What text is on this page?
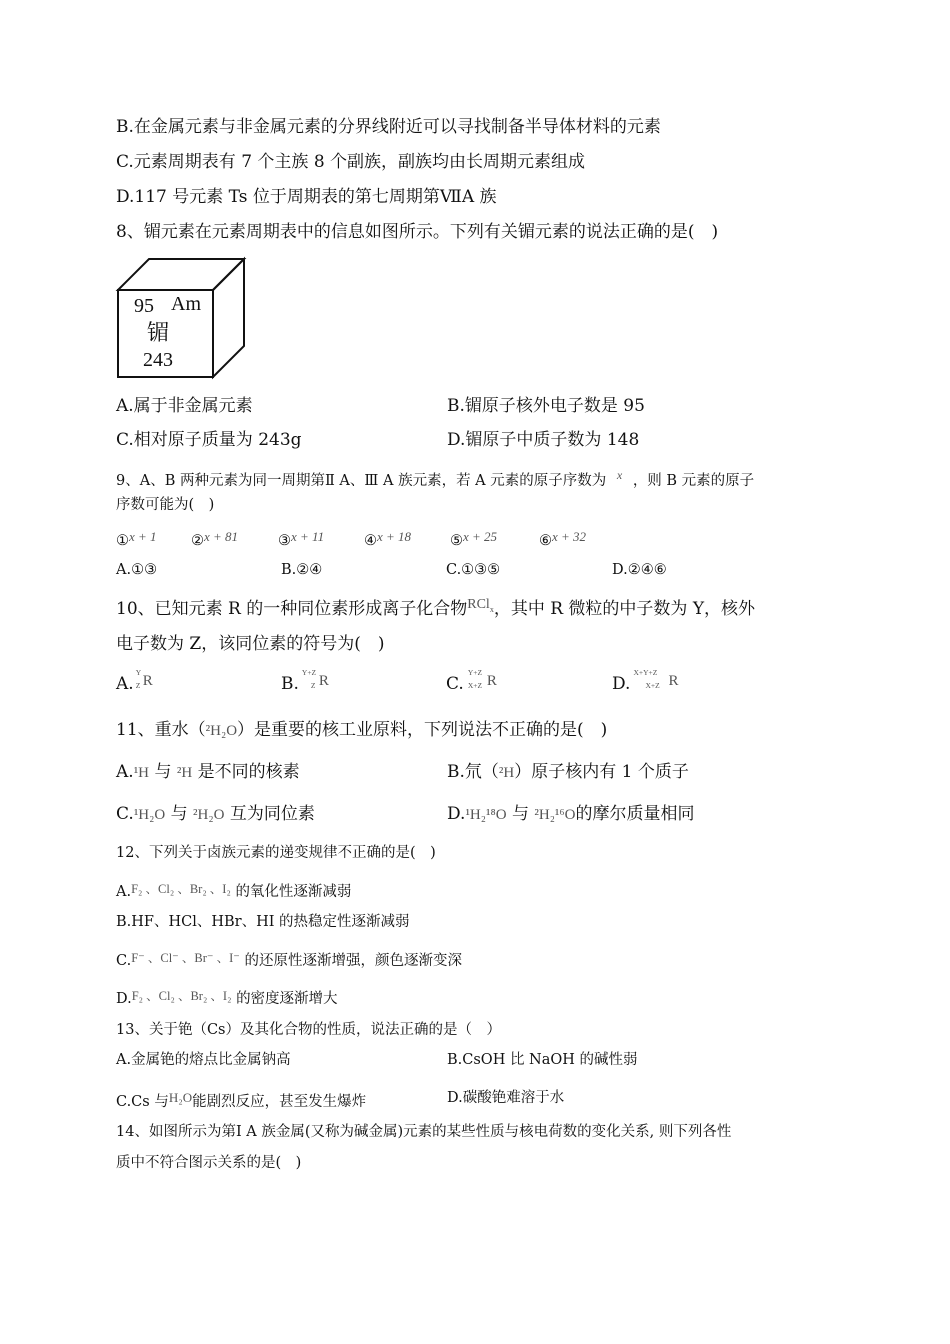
B.在金属元素与非金属元素的分界线附近可以寻找制备半导体材料的元素
C.元素周期表有 7 个主族 8 个副族，副族均由长周期元素组成
D.117 号元素 Ts 位于周期表的第七周期第ⅦA 族
8、镅元素在元素周期表中的信息如图所示。下列有关镅元素的说法正确的是(　)
95 Am
镅
243
A.属于非金属元素	B.镅原子核外电子数是 95
C.相对原子质量为 243g	D.镅原子中质子数为 148
9、A、B 两种元素为同一周期第Ⅱ A、Ⅲ A 族元素，若 A 元素的原子序数为 $^x$ ，则 B 元素的原子
序数可能为(　)
①x + 1 ②x + 81	③x + 11	④x + 18	⑤x + 25	⑥x + 32
A.①③	B.②④	C.①③⑤	D.②④⑥
10、已知元素 R 的一种同位素形成离子化合物$^{RCl_x}$，其中 R 微粒的中子数为 Y，核外
电子数为 Z，该同位素的符号为(　)
A.
Y
Z R	B.
Y+Z
Z R	C.
Y+Z
X+Z R	D.
X+Y+Z
X+Z R
11、重水（²H₂O）是重要的核工业原料，下列说法不正确的是(　)
A.¹H 与 ²H 是不同的核素	B.氘（²H）原子核内有 1 个质子
C.¹H₂O 与 ²H₂O 互为同位素	D.¹H₂¹⁸O 与 ²H₂¹⁶O的摩尔质量相同
12、下列关于卤族元素的递变规律不正确的是(　)
A.F₂ 、Cl₂ 、Br₂ 、I₂ 的氧化性逐渐减弱
B.HF、HCl、HBr、HI 的热稳定性逐渐减弱
C.F⁻ 、Cl⁻ 、Br⁻ 、I⁻ 的还原性逐渐增强，颜色逐渐变深
D.F₂ 、Cl₂ 、Br₂ 、I₂ 的密度逐渐增大
13、关于铯（Cs）及其化合物的性质，说法正确的是（　）
A.金属铯的熔点比金属钠高	B.CsOH 比 NaOH 的碱性弱
C.Cs 与H₂O能剧烈反应，甚至发生爆炸	D.碳酸铯难溶于水
14、如图所示为第Ⅰ A 族金属(又称为碱金属)元素的某些性质与核电荷数的变化关系, 则下列各性
质中不符合图示关系的是(　)
